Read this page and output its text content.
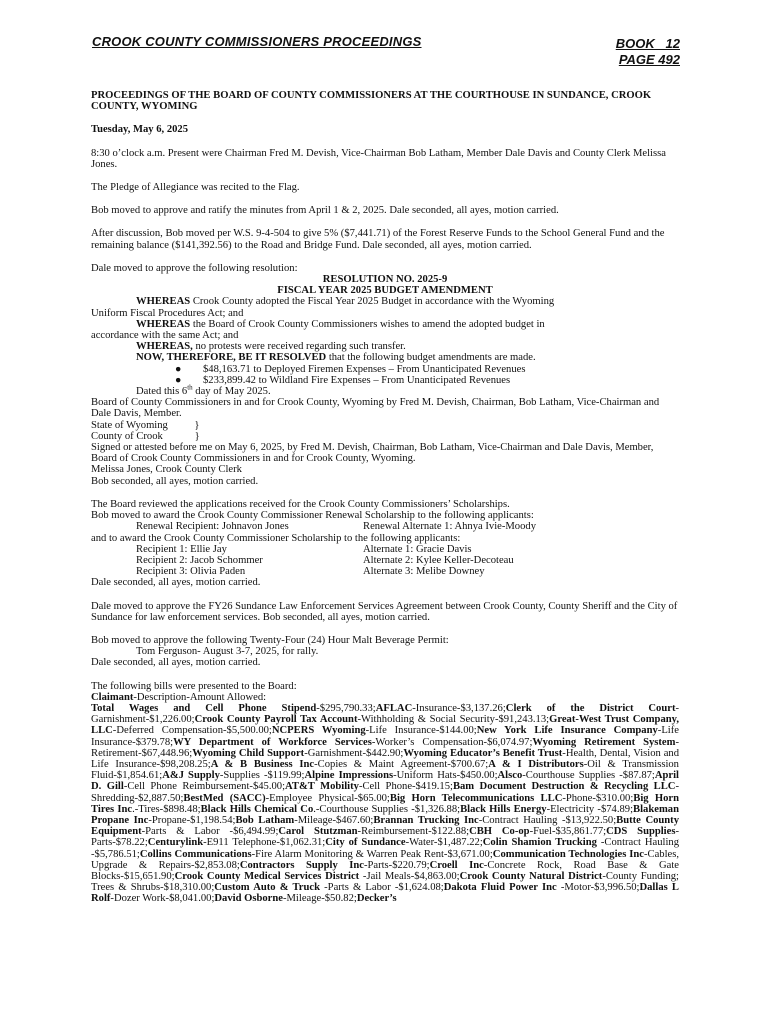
CROOK COUNTY COMMISSIONERS PROCEEDINGS	BOOK   12
PAGE 492

PROCEEDINGS OF THE BOARD OF COUNTY COMMISSIONERS AT THE COURTHOUSE IN SUNDANCE, CROOK COUNTY, WYOMING

Tuesday, May 6, 2025

8:30 o’clock a.m. Present were Chairman Fred M. Devish, Vice-Chairman Bob Latham, Member Dale Davis and County Clerk Melissa Jones.

The Pledge of Allegiance was recited to the Flag.

Bob moved to approve and ratify the minutes from April 1 & 2, 2025. Dale seconded, all ayes, motion carried.

After discussion, Bob moved per W.S. 9-4-504 to give 5% ($7,441.71) of the Forest Reserve Funds to the School General Fund and the remaining balance ($141,392.56) to the Road and Bridge Fund. Dale seconded, all ayes, motion carried.

Dale moved to approve the following resolution:

RESOLUTION NO. 2025-9

FISCAL YEAR 2025 BUDGET AMENDMENT

WHEREAS Crook County adopted the Fiscal Year 2025 Budget in accordance with the Wyoming

Uniform Fiscal Procedures Act; and

WHEREAS the Board of Crook County Commissioners wishes to amend the adopted budget in

accordance with the same Act; and

WHEREAS, no protests were received regarding such transfer.

NOW, THEREFORE, BE IT RESOLVED that the following budget amendments are made.

● $48,163.71 to Deployed Firemen Expenses – From Unanticipated Revenues

● $233,899.42 to Wildland Fire Expenses – From Unanticipated Revenues

Dated this 6th day of May 2025.

Board of County Commissioners in and for Crook County, Wyoming by Fred M. Devish, Chairman, Bob Latham, Vice-Chairman and Dale Davis, Member.

State of Wyoming          }

County of Crook            }

Signed or attested before me on May 6, 2025, by Fred M. Devish, Chairman, Bob Latham, Vice-Chairman and Dale Davis, Member, Board of Crook County Commissioners in and for Crook County, Wyoming.

Melissa Jones, Crook County Clerk

Bob seconded, all ayes, motion carried.

The Board reviewed the applications received for the Crook County Commissioners’ Scholarships.

Bob moved to award the Crook County Commissioner Renewal Scholarship to the following applicants:

Renewal Recipient: Johnavon Jones	Renewal Alternate 1: Ahnya Ivie-Moody

and to award the Crook County Commissioner Scholarship to the following applicants:

Recipient 1: Ellie Jay	Alternate 1: Gracie Davis
Recipient 2: Jacob Schommer	Alternate 2: Kylee Keller-Decoteau
Recipient 3: Olivia Paden	Alternate 3: Melibe Downey

Dale seconded, all ayes, motion carried.

Dale moved to approve the FY26 Sundance Law Enforcement Services Agreement between Crook County, County Sheriff and the City of Sundance for law enforcement services. Bob seconded, all ayes, motion carried.

Bob moved to approve the following Twenty-Four (24) Hour Malt Beverage Permit:

Tom Ferguson- August 3-7, 2025, for rally.

Dale seconded, all ayes, motion carried.

The following bills were presented to the Board:

Claimant-Description-Amount Allowed:

Total Wages and Cell Phone Stipend-$295,790.33;AFLAC-Insurance-$3,137.26;Clerk of the District Court-Garnishment-$1,226.00;Crook County Payroll Tax Account-Withholding & Social Security-$91,243.13;Great-West Trust Company, LLC-Deferred Compensation-$5,500.00;NCPERS Wyoming-Life Insurance-$144.00;New York Life Insurance Company-Life Insurance-$379.78;WY Department of Workforce Services-Worker’s Compensation-$6,074.97;Wyoming Retirement System-Retirement-$67,448.96;Wyoming Child Support-Garnishment-$442.90;Wyoming Educator’s Benefit Trust-Health, Dental, Vision and Life Insurance-$98,208.25;A & B Business Inc-Copies & Maint Agreement-$700.67;A & I Distributors-Oil & Transmission Fluid-$1,854.61;A&J Supply-Supplies -$119.99;Alpine Impressions-Uniform Hats-$450.00;Alsco-Courthouse Supplies -$87.87;April D. Gill-Cell Phone Reimbursement-$45.00;AT&T Mobility-Cell Phone-$419.15;Bam Document Destruction & Recycling LLC-Shredding-$2,887.50;BestMed (SACC)-Employee Physical-$65.00;Big Horn Telecommunications LLC-Phone-$310.00;Big Horn Tires Inc.-Tires-$898.48;Black Hills Chemical Co.-Courthouse Supplies -$1,326.88;Black Hills Energy-Electricity -$74.89;Blakeman Propane Inc-Propane-$1,198.54;Bob Latham-Mileage-$467.60;Brannan Trucking Inc-Contract Hauling -$13,922.50;Butte County Equipment-Parts & Labor -$6,494.99;Carol Stutzman-Reimbursement-$122.88;CBH Co-op-Fuel-$35,861.77;CDS Supplies-Parts-$78.22;Centurylink-E911 Telephone-$1,062.31;City of Sundance-Water-$1,487.22;Colin Shamion Trucking -Contract Hauling -$5,786.51;Collins Communications-Fire Alarm Monitoring & Warren Peak Rent-$3,671.00;Communication Technologies Inc-Cables, Upgrade & Repairs-$2,853.08;Contractors Supply Inc-Parts-$220.79;Croell Inc-Concrete Rock, Road Base & Gate Blocks-$15,651.90;Crook County Medical Services District -Jail Meals-$4,863.00;Crook County Natural District-County Funding; Trees & Shrubs-$18,310.00;Custom Auto & Truck -Parts & Labor -$1,624.08;Dakota Fluid Power Inc -Motor-$3,996.50;Dallas L Rolf-Dozer Work-$8,041.00;David Osborne-Mileage-$50.82;Decker’s
